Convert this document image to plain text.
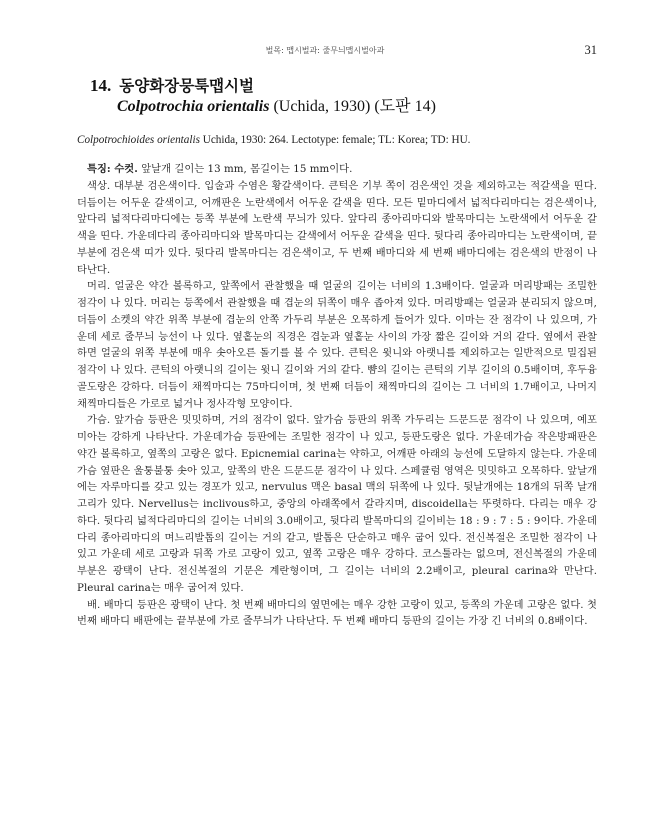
벌목: 맵시벌과: 줄무늬맵시벌아과	31
14. 동양화장뭉툭맵시벌
Colpotrochia orientalis (Uchida, 1930) (도판 14)
Colpotrochioides orientalis Uchida, 1930: 264. Lectotype: female; TL: Korea; TD: HU.

특징: 수컷. 앞날개 길이는 13 mm, 몸길이는 15 mm이다.

색상. 대부분 검은색이다. 입술과 수염은 황갈색이다. 큰턱은 기부 쪽이 검은색인 것을 제외하고는 적갈색을 띤다. 더듬이는 어두운 갈색이고, 어깨판은 노란색에서 어두운 갈색을 띤다. 모든 밑마디에서 넓적다리마디는 검은색이나, 앞다리 넓적다리마디에는 등쪽 부분에 노란색 무늬가 있다. 앞다리 종아리마디와 발목마디는 노란색에서 어두운 갈색을 띤다. 가운데다리 종아리마디와 발목마디는 갈색에서 어두운 갈색을 띤다. 뒷다리 종아리마디는 노란색이며, 끝부분에 검은색 띠가 있다. 뒷다리 발목마디는 검은색이고, 두 번째 배마디와 세 번째 배마디에는 검은색의 반점이 나타난다.

머리. 얼굴은 약간 볼록하고, 앞쪽에서 관찰했을 때 얼굴의 길이는 너비의 1.3배이다. 얼굴과 머리방패는 조밀한 점각이 나 있다. 머리는 등쪽에서 관찰했을 때 겹눈의 뒤쪽이 매우 좁아져 있다. 머리방패는 얼굴과 분리되지 않으며, 더듬이 소켓의 약간 위쪽 부분에 겹눈의 안쪽 가두리 부분은 오목하게 들어가 있다. 이마는 잔 점각이 나 있으며, 가운데 세로 줄무늬 능선이 나 있다. 옆홑눈의 직경은 겹눈과 옆홑눈 사이의 가장 짧은 길이와 거의 같다. 옆에서 관찰하면 얼굴의 위쪽 부분에 매우 솟아오른 돌기를 볼 수 있다. 큰턱은 윗니와 아랫니를 제외하고는 일반적으로 밀집된 점각이 나 있다. 큰턱의 아랫니의 길이는 윗니 길이와 거의 같다. 뺨의 길이는 큰턱의 기부 길이의 0.5배이며, 후두융골도랑은 강하다. 더듬이 채찍마디는 75마디이며, 첫 번째 더듬이 채찍마디의 길이는 그 너비의 1.7배이고, 나머지 채찍마디들은 가로로 넓거나 정사각형 모양이다.

가슴. 앞가슴 등판은 밋밋하며, 거의 점각이 없다. 앞가슴 등판의 위쪽 가두리는 드문드문 점각이 나 있으며, 예포미아는 강하게 나타난다. 가운데가슴 등판에는 조밀한 점각이 나 있고, 등판도랑은 없다. 가운데가슴 작은방패판은 약간 볼록하고, 옆쪽의 고랑은 없다. Epicnemial carina는 약하고, 어깨판 아래의 능선에 도달하지 않는다. 가운데가슴 옆판은 울퉁불퉁 솟아 있고, 앞쪽의 반은 드문드문 점각이 나 있다. 스페큘럼 영역은 밋밋하고 오목하다. 앞날개에는 자루마디를 갖고 있는 경포가 있고, nervulus 맥은 basal 맥의 뒤쪽에 나 있다. 뒷날개에는 18개의 뒤쪽 날개고리가 있다. Nervellus는 inclivous하고, 중앙의 아래쪽에서 갈라지며, discoidella는 뚜렷하다. 다리는 매우 강하다. 뒷다리 넓적다리마디의 길이는 너비의 3.0배이고, 뒷다리 발목마디의 길이비는 18 : 9 : 7 : 5 : 9이다. 가운데다리 종아리마디의 며느리발톱의 길이는 거의 같고, 발톱은 단순하고 매우 굽어 있다. 전신복절은 조밀한 점각이 나 있고 가운데 세로 고랑과 뒤쪽 가로 고랑이 있고, 옆쪽 고랑은 매우 강하다. 코스툴라는 없으며, 전신복절의 가운데 부분은 광택이 난다. 전신복절의 기문은 계란형이며, 그 길이는 너비의 2.2배이고, pleural carina와 만난다. Pleural carina는 매우 굽어져 있다.

배. 배마디 등판은 광택이 난다. 첫 번째 배마디의 옆면에는 매우 강한 고랑이 있고, 등쪽의 가운데 고랑은 없다. 첫 번째 배마디 배판에는 끝부분에 가로 줄무늬가 나타난다. 두 번째 배마디 등판의 길이는 가장 긴 너비의 0.8배이다.
